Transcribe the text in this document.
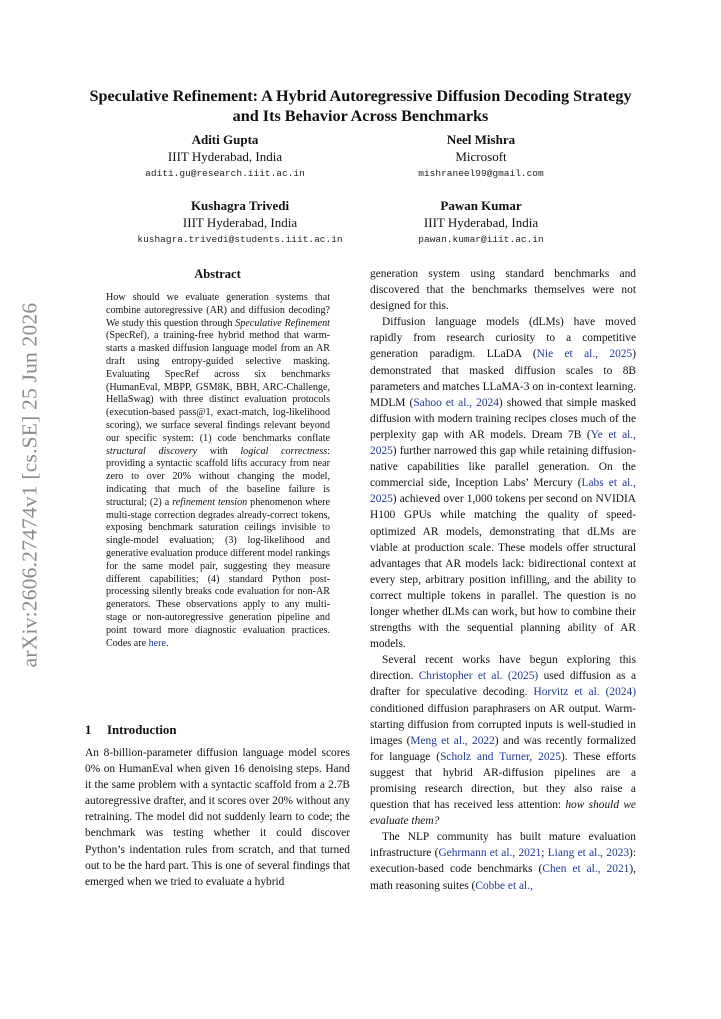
arXiv:2606.27474v1 [cs.SE] 25 Jun 2026
Speculative Refinement: A Hybrid Autoregressive Diffusion Decoding Strategy and Its Behavior Across Benchmarks
Aditi Gupta
IIIT Hyderabad, India
aditi.gu@research.iiit.ac.in
Neel Mishra
Microsoft
mishraneel99@gmail.com
Kushagra Trivedi
IIIT Hyderabad, India
kushagra.trivedi@students.iiit.ac.in
Pawan Kumar
IIIT Hyderabad, India
pawan.kumar@iiit.ac.in
Abstract
How should we evaluate generation systems that combine autoregressive (AR) and diffusion decoding? We study this question through Speculative Refinement (SpecRef), a training-free hybrid method that warm-starts a masked diffusion language model from an AR draft using entropy-guided selective masking. Evaluating SpecRef across six benchmarks (HumanEval, MBPP, GSM8K, BBH, ARC-Challenge, HellaSwag) with three distinct evaluation protocols (execution-based pass@1, exact-match, log-likelihood scoring), we surface several findings relevant beyond our specific system: (1) code benchmarks conflate structural discovery with logical correctness: providing a syntactic scaffold lifts accuracy from near zero to over 20% without changing the model, indicating that much of the baseline failure is structural; (2) a refinement tension phenomenon where multi-stage correction degrades already-correct tokens, exposing benchmark saturation ceilings invisible to single-model evaluation; (3) log-likelihood and generative evaluation produce different model rankings for the same model pair, suggesting they measure different capabilities; (4) standard Python post-processing silently breaks code evaluation for non-AR generators. These observations apply to any multi-stage or non-autoregressive generation pipeline and point toward more diagnostic evaluation practices. Codes are here.
1 Introduction

An 8-billion-parameter diffusion language model scores 0% on HumanEval when given 16 denoising steps. Hand it the same problem with a syntactic scaffold from a 2.7B autoregressive drafter, and it scores over 20% without any retraining. The model did not suddenly learn to code; the benchmark was testing whether it could discover Python’s indentation rules from scratch, and that turned out to be the hard part. This is one of several findings that emerged when we tried to evaluate a hybrid

generation system using standard benchmarks and discovered that the benchmarks themselves were not designed for this.

Diffusion language models (dLMs) have moved rapidly from research curiosity to a competitive generation paradigm. LLaDA (Nie et al., 2025) demonstrated that masked diffusion scales to 8B parameters and matches LLaMA-3 on in-context learning. MDLM (Sahoo et al., 2024) showed that simple masked diffusion with modern training recipes closes much of the perplexity gap with AR models. Dream 7B (Ye et al., 2025) further narrowed this gap while retaining diffusion-native capabilities like parallel generation. On the commercial side, Inception Labs’ Mercury (Labs et al., 2025) achieved over 1,000 tokens per second on NVIDIA H100 GPUs while matching the quality of speed-optimized AR models, demonstrating that dLMs are viable at production scale. These models offer structural advantages that AR models lack: bidirectional context at every step, arbitrary position infilling, and the ability to correct multiple tokens in parallel. The question is no longer whether dLMs can work, but how to combine their strengths with the sequential planning ability of AR models.

Several recent works have begun exploring this direction. Christopher et al. (2025) used diffusion as a drafter for speculative decoding. Horvitz et al. (2024) conditioned diffusion paraphrasers on AR output. Warm-starting diffusion from corrupted inputs is well-studied in images (Meng et al., 2022) and was recently formalized for language (Scholz and Turner, 2025). These efforts suggest that hybrid AR-diffusion pipelines are a promising research direction, but they also raise a question that has received less attention: how should we evaluate them?

The NLP community has built mature evaluation infrastructure (Gehrmann et al., 2021; Liang et al., 2023): execution-based code benchmarks (Chen et al., 2021), math reasoning suites (Cobbe et al.,
